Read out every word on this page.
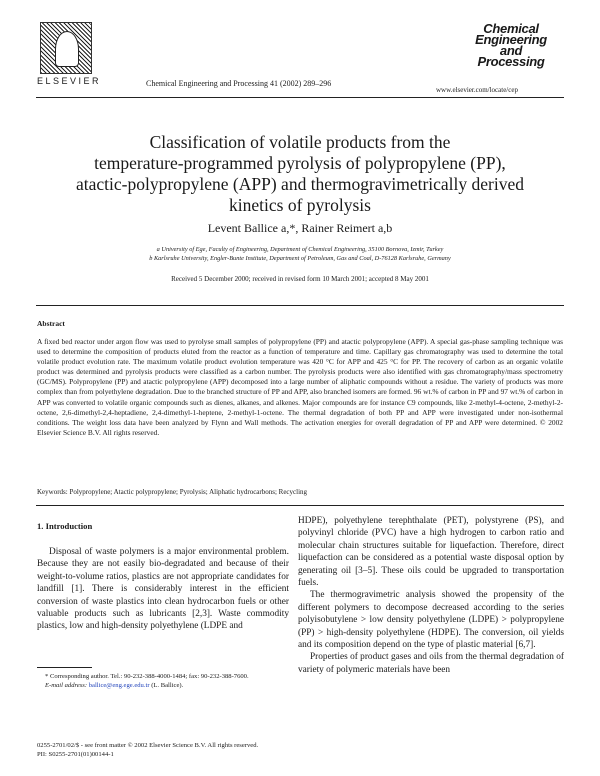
ELSEVIER	Chemical Engineering and Processing 41 (2002) 289–296
Chemical
Engineering
and
Processing
www.elsevier.com/locate/cep
Classification of volatile products from the
temperature-programmed pyrolysis of polypropylene (PP),
atactic-polypropylene (APP) and thermogravimetrically derived
kinetics of pyrolysis
Levent Ballice a,*, Rainer Reimert a,b
a University of Ege, Faculty of Engineering, Department of Chemical Engineering, 35100 Bornova, Izmir, Turkey
b Karlsruhe University, Engler-Bunte Institute, Department of Petroleum, Gas and Coal, D-76128 Karlsruhe, Germany
Received 5 December 2000; received in revised form 10 March 2001; accepted 8 May 2001
Abstract
A fixed bed reactor under argon flow was used to pyrolyse small samples of polypropylene (PP) and atactic polypropylene (APP). A special gas-phase sampling technique was used to determine the composition of products eluted from the reactor as a function of temperature and time. Capillary gas chromatography was used to determine the total volatile product evolution rate. The maximum volatile product evolution temperature was 420 °C for APP and 425 °C for PP. The recovery of carbon as an organic volatile product was determined and pyrolysis products were classified as a carbon number. The pyrolysis products were also identified with gas chromatography/mass spectrometry (GC/MS). Polypropylene (PP) and atactic polypropylene (APP) decomposed into a large number of aliphatic compounds without a residue. The variety of products was more complex than from polyethylene degradation. Due to the branched structure of PP and APP, also branched isomers are formed. 96 wt.% of carbon in PP and 97 wt.% of carbon in APP was converted to volatile organic compounds such as dienes, alkanes, and alkenes. Major compounds are for instance C9 compounds, like 2-methyl-4-octene, 2-methyl-2-octene, 2,6-dimethyl-2,4-heptadiene, 2,4-dimethyl-1-heptene, 2-methyl-1-octene. The thermal degradation of both PP and APP were investigated under non-isothermal conditions. The weight loss data have been analyzed by Flynn and Wall methods. The activation energies for overall degradation of PP and APP were determined. © 2002 Elsevier Science B.V. All rights reserved.
Keywords: Polypropylene; Atactic polypropylene; Pyrolysis; Aliphatic hydrocarbons; Recycling
1. Introduction

Disposal of waste polymers is a major environmental problem. Because they are not easily bio-degradated and because of their weight-to-volume ratios, plastics are not appropriate candidates for landfill [1]. There is considerably interest in the efficient conversion of waste plastics into clean hydrocarbon fuels or other valuable products such as lubricants [2,3]. Waste commodity plastics, low and high-density polyethylene (LDPE and

HDPE), polyethylene terephthalate (PET), polystyrene (PS), and polyvinyl chloride (PVC) have a high hydrogen to carbon ratio and molecular chain structures suitable for liquefaction. Therefore, direct liquefaction can be considered as a potential waste disposal option by generating oil [3–5]. These oils could be upgraded to transportation fuels.

The thermogravimetric analysis showed the propensity of the different polymers to decompose decreased according to the series polyisobutylene > low density polyethylene (LDPE) > polypropylene (PP) > high-density polyethylene (HDPE). The conversion, oil yields and its composition depend on the type of plastic material [6,7].

Properties of product gases and oils from the thermal degradation of variety of polymeric materials have been

* Corresponding author. Tel.: 90-232-388-4000-1484; fax: 90-232-388-7600.
E-mail address: ballice@eng.ege.edu.tr (L. Ballice).
0255-2701/02/$ - see front matter © 2002 Elsevier Science B.V. All rights reserved.
PII: S0255-2701(01)00144-1
